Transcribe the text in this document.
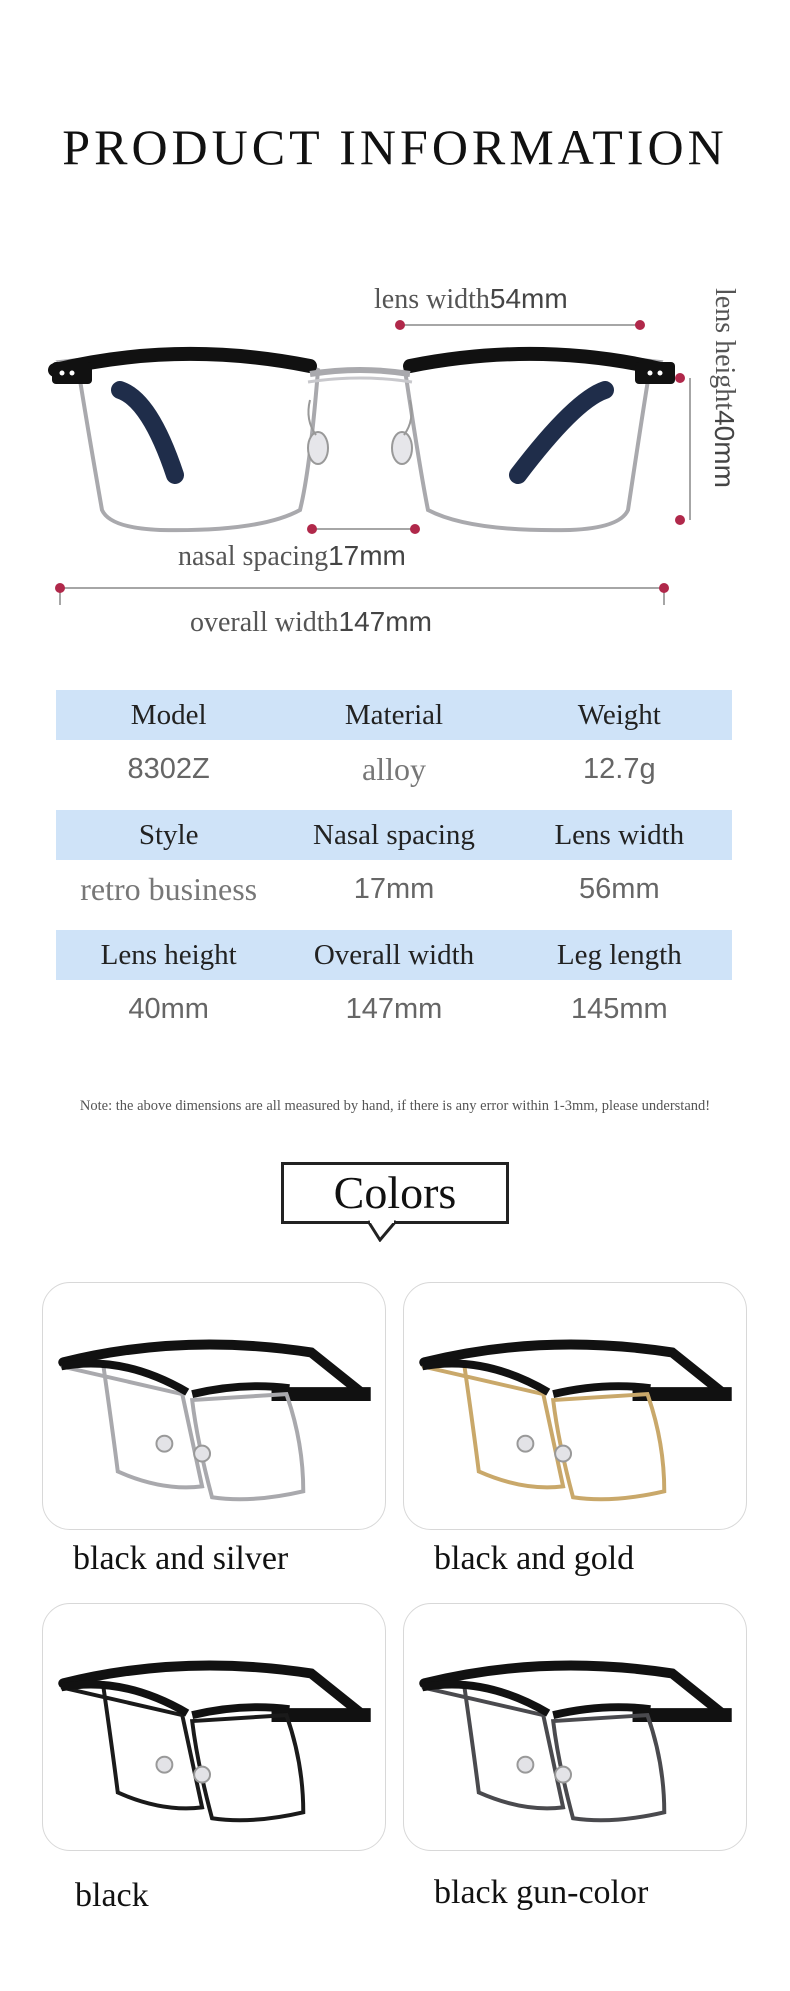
PRODUCT INFORMATION
lens width54mm	lens height40mm
nasal spacing17mm
overall width147mm
Model	Material	Weight
8302Z	alloy	12.7g
Style	Nasal spacing	Lens width
retro business	17mm	56mm
Lens height	Overall width	Leg length
40mm	147mm	145mm
Note: the above dimensions are all measured by hand, if there is any error within 1-3mm, please understand!
Colors
black and silver	black and gold
black	black gun-color
